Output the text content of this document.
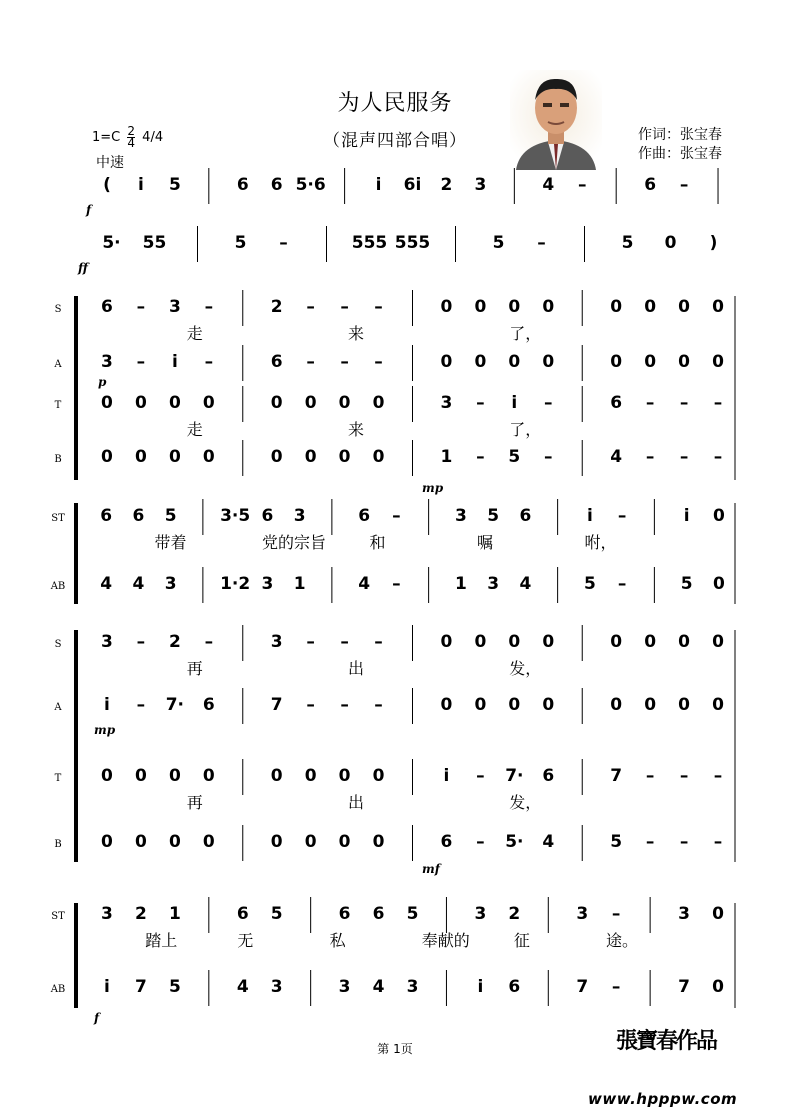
为人民服务
（混声四部合唱）	作词：张宝春
作曲：张宝春
$1=C \frac{2}{4} 4/4$
中速
( i 5	6 6 5·6	i 6i 2 3	4 –	6 –
5· 55	5 –	555 555	5 –	5 0 )
S 6 – 3 –	2 – – –	0 0 0 0	0 0 0 0
走	来	了，
A 3 – i –	6 – – –	0 0 0 0	0 0 0 0
T 0 0 0 0	0 0 0 0	3 – i –	6 – – –
走	来	了，
B 0 0 0 0	0 0 0 0	1 – 5 –	4 – – –
ST 6 6 5	3·5 6 3	6 –	3 5 6	i –	i 0
带着	党的宗旨	和	嘱	咐，
AB 4 4 3	1·2 3 1	4 –	1 3 4	5 –	5 0
S 3 – 2 –	3 – – –	0 0 0 0	0 0 0 0
再	出	发，
A i – 7· 6	7 – – –	0 0 0 0	0 0 0 0
T 0 0 0 0	0 0 0 0	i – 7· 6	7 – – –
再	出	发，
B 0 0 0 0	0 0 0 0	6 – 5· 4	5 – – –
ST 3 2 1	6 5	6 6 5	3 2	3 –	3 0
踏上	无	私	奉献的	征	途。
AB i 7 5	4 3	3 4 3	i 6	7 –	7 0
f
ff
p
mp
mp
mf
f
第 1页	張寶春作品
www.hpppw.com
